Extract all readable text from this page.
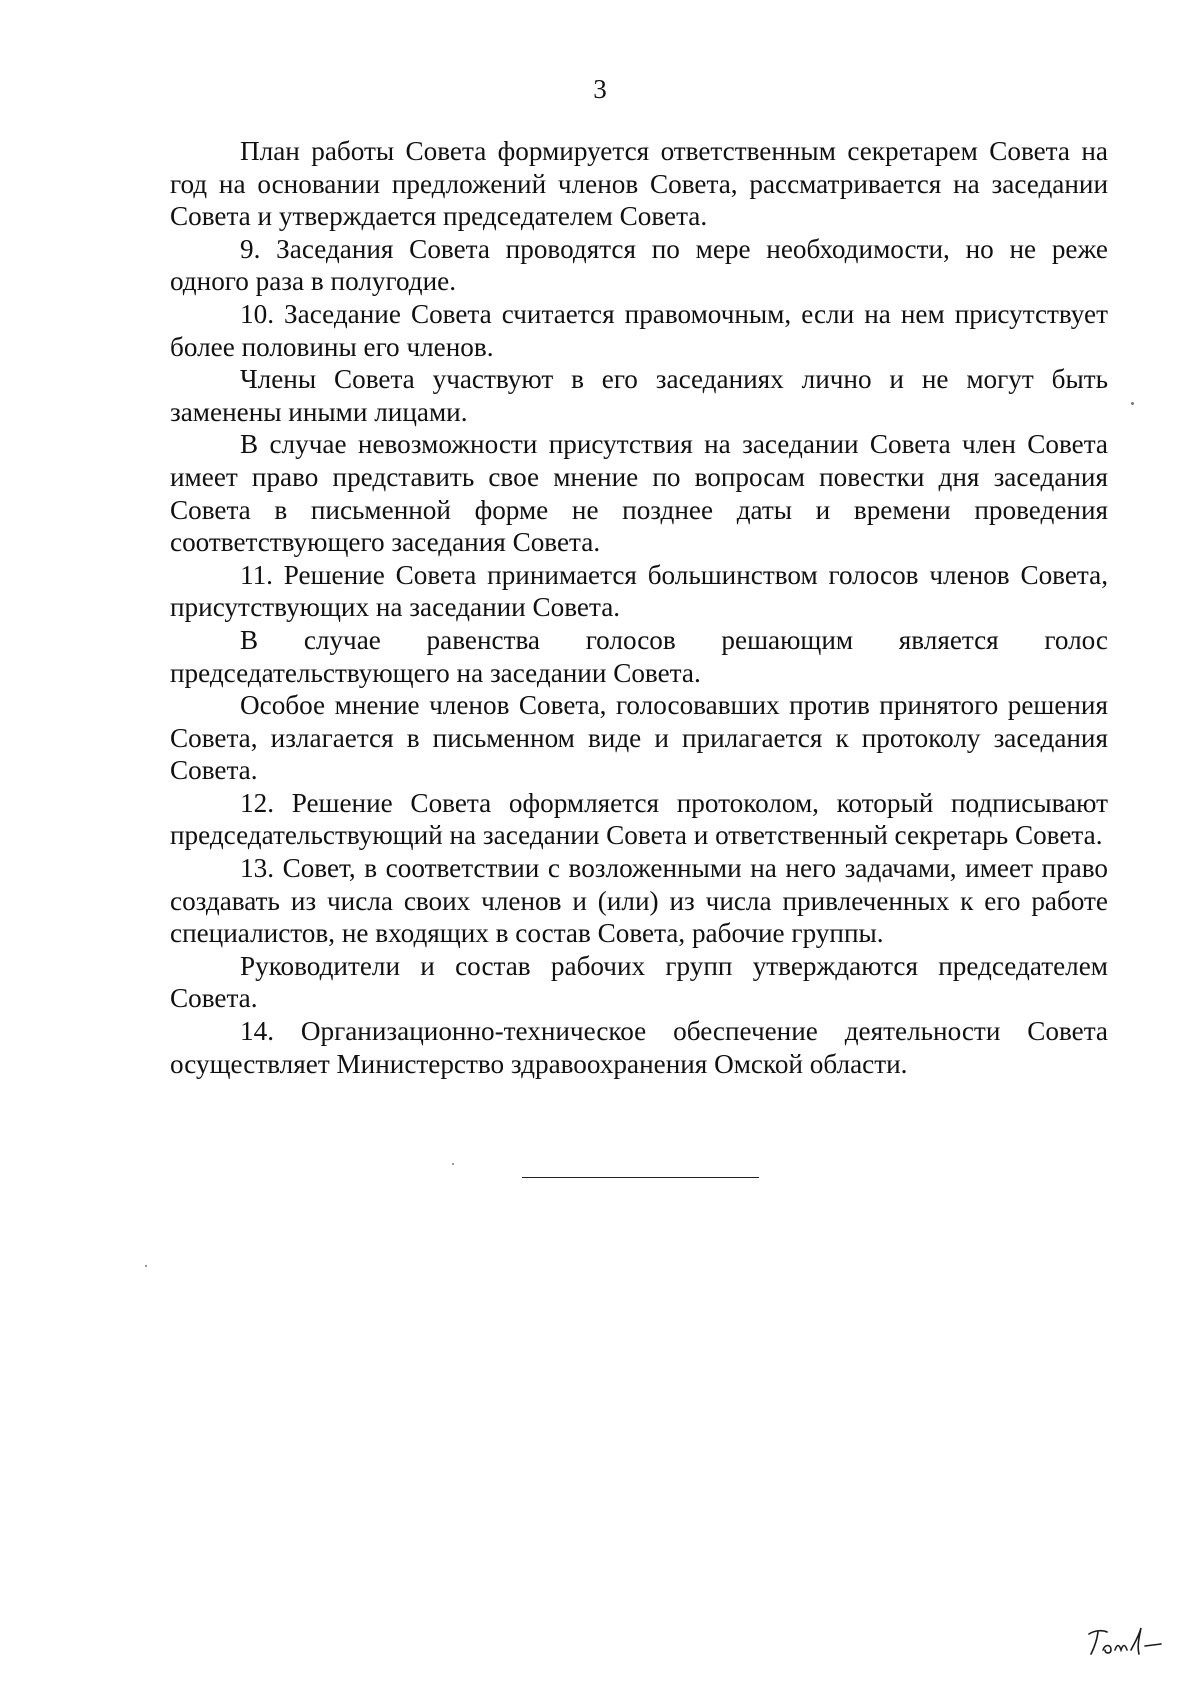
3

План работы Совета формируется ответственным секретарем Совета на год на основании предложений членов Совета, рассматривается на заседании Совета и утверждается председателем Совета.

9. Заседания Совета проводятся по мере необходимости, но не реже одного раза в полугодие.

10. Заседание Совета считается правомочным, если на нем присутствует более половины его членов.

Члены Совета участвуют в его заседаниях лично и не могут быть заменены иными лицами.

В случае невозможности присутствия на заседании Совета член Совета имеет право представить свое мнение по вопросам повестки дня заседания Совета в письменной форме не позднее даты и времени проведения соответствующего заседания Совета.

11. Решение Совета принимается большинством голосов членов Совета, присутствующих на заседании Совета.

В случае равенства голосов решающим является голос председательствующего на заседании Совета.

Особое мнение членов Совета, голосовавших против принятого решения Совета, излагается в письменном виде и прилагается к протоколу заседания Совета.

12. Решение Совета оформляется протоколом, который подписывают председательствующий на заседании Совета и ответственный секретарь Совета.

13. Совет, в соответствии с возложенными на него задачами, имеет право создавать из числа своих членов и (или) из числа привлеченных к его работе специалистов, не входящих в состав Совета, рабочие группы.

Руководители и состав рабочих групп утверждаются председателем Совета.

14. Организационно-техническое обеспечение деятельности Совета осуществляет Министерство здравоохранения Омской области.
